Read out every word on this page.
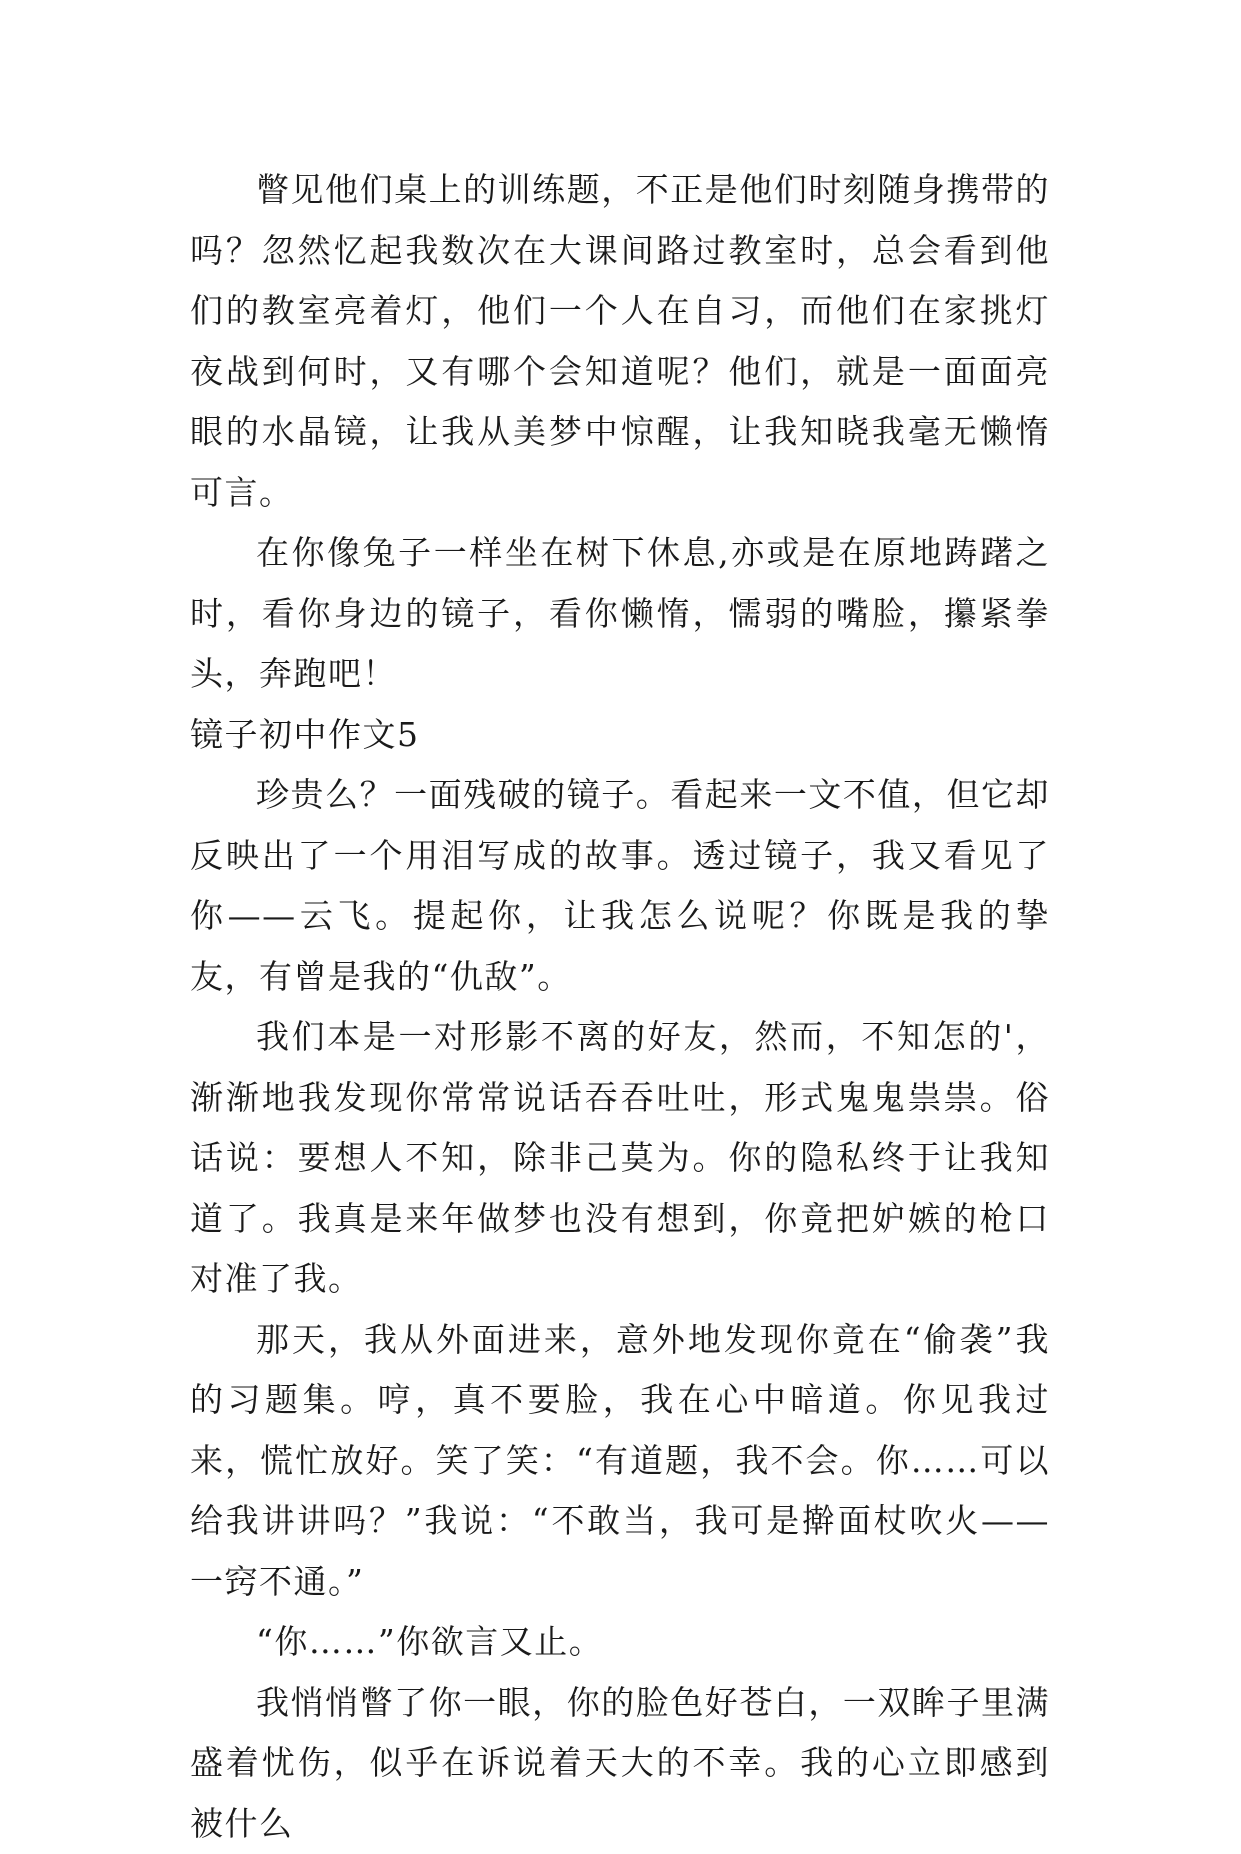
瞥见他们桌上的训练题，不正是他们时刻随身携带的吗？忽然忆起我数次在大课间路过教室时，总会看到他们的教室亮着灯，他们一个人在自习，而他们在家挑灯夜战到何时，又有哪个会知道呢？他们，就是一面面亮眼的水晶镜，让我从美梦中惊醒，让我知晓我毫无懒惰可言。

在你像兔子一样坐在树下休息,亦或是在原地踌躇之时，看你身边的镜子，看你懒惰，懦弱的嘴脸，攥紧拳头，奔跑吧！

镜子初中作文5

珍贵么？一面残破的镜子。看起来一文不值，但它却反映出了一个用泪写成的故事。透过镜子，我又看见了你——云飞。提起你，让我怎么说呢？你既是我的挚友，有曾是我的“仇敌”。

我们本是一对形影不离的好友，然而，不知怎的'，渐渐地我发现你常常说话吞吞吐吐，形式鬼鬼祟祟。俗话说：要想人不知，除非己莫为。你的隐私终于让我知道了。我真是来年做梦也没有想到，你竟把妒嫉的枪口对准了我。

那天，我从外面进来，意外地发现你竟在“偷袭”我的习题集。哼，真不要脸，我在心中暗道。你见我过来，慌忙放好。笑了笑：“有道题，我不会。你……可以给我讲讲吗？”我说：“不敢当，我可是擀面杖吹火——一窍不通。”

“你……”你欲言又止。

我悄悄瞥了你一眼，你的脸色好苍白，一双眸子里满盛着忧伤，似乎在诉说着天大的不幸。我的心立即感到被什么
